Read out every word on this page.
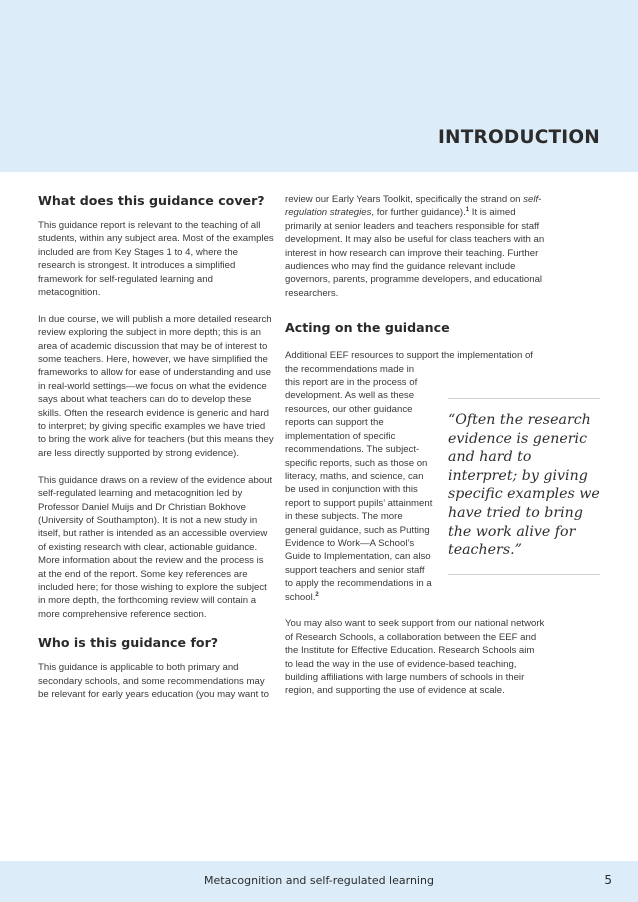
INTRODUCTION
What does this guidance cover?

This guidance report is relevant to the teaching of all students, within any subject area. Most of the examples included are from Key Stages 1 to 4, where the research is strongest. It introduces a simplified framework for self-regulated learning and metacognition.

In due course, we will publish a more detailed research review exploring the subject in more depth; this is an area of academic discussion that may be of interest to some teachers. Here, however, we have simplified the frameworks to allow for ease of understanding and use in real-world settings—we focus on what the evidence says about what teachers can do to develop these skills. Often the research evidence is generic and hard to interpret; by giving specific examples we have tried to bring the work alive for teachers (but this means they are less directly supported by strong evidence).

This guidance draws on a review of the evidence about self-regulated learning and metacognition led by Professor Daniel Muijs and Dr Christian Bokhove (University of Southampton). It is not a new study in itself, but rather is intended as an accessible overview of existing research with clear, actionable guidance. More information about the review and the process is at the end of the report. Some key references are included here; for those wishing to explore the subject in more depth, the forthcoming review will contain a more comprehensive reference section.

Who is this guidance for?

This guidance is applicable to both primary and secondary schools, and some recommendations may be relevant for early years education (you may want to

review our Early Years Toolkit, specifically the strand on self-regulation strategies, for further guidance).$^1$ It is aimed primarily at senior leaders and teachers responsible for staff development. It may also be useful for class teachers with an interest in how research can improve their teaching. Further audiences who may find the guidance relevant include governors, parents, programme developers, and educational researchers.

Acting on the guidance

Additional EEF resources to support the implementation of the recommendations made in

this report are in the process of development. As well as these resources, our other guidance reports can support the implementation of specific recommendations. The subject-specific reports, such as those on literacy, maths, and science, can be used in conjunction with this report to support pupils’ attainment in these subjects. The more general guidance, such as Putting Evidence to Work—A School’s Guide to Implementation, can also support teachers and senior staff to apply the recommendations in a school.$^2$

You may also want to seek support from our national network of Research Schools, a collaboration between the EEF and the Institute for Effective Education. Research Schools aim to lead the way in the use of evidence-based teaching, building affiliations with large numbers of schools in their region, and supporting the use of evidence at scale.

“Often the research evidence is generic and hard to interpret; by giving specific examples we have tried to bring the work alive for teachers.”

Metacognition and self-regulated learning	5
